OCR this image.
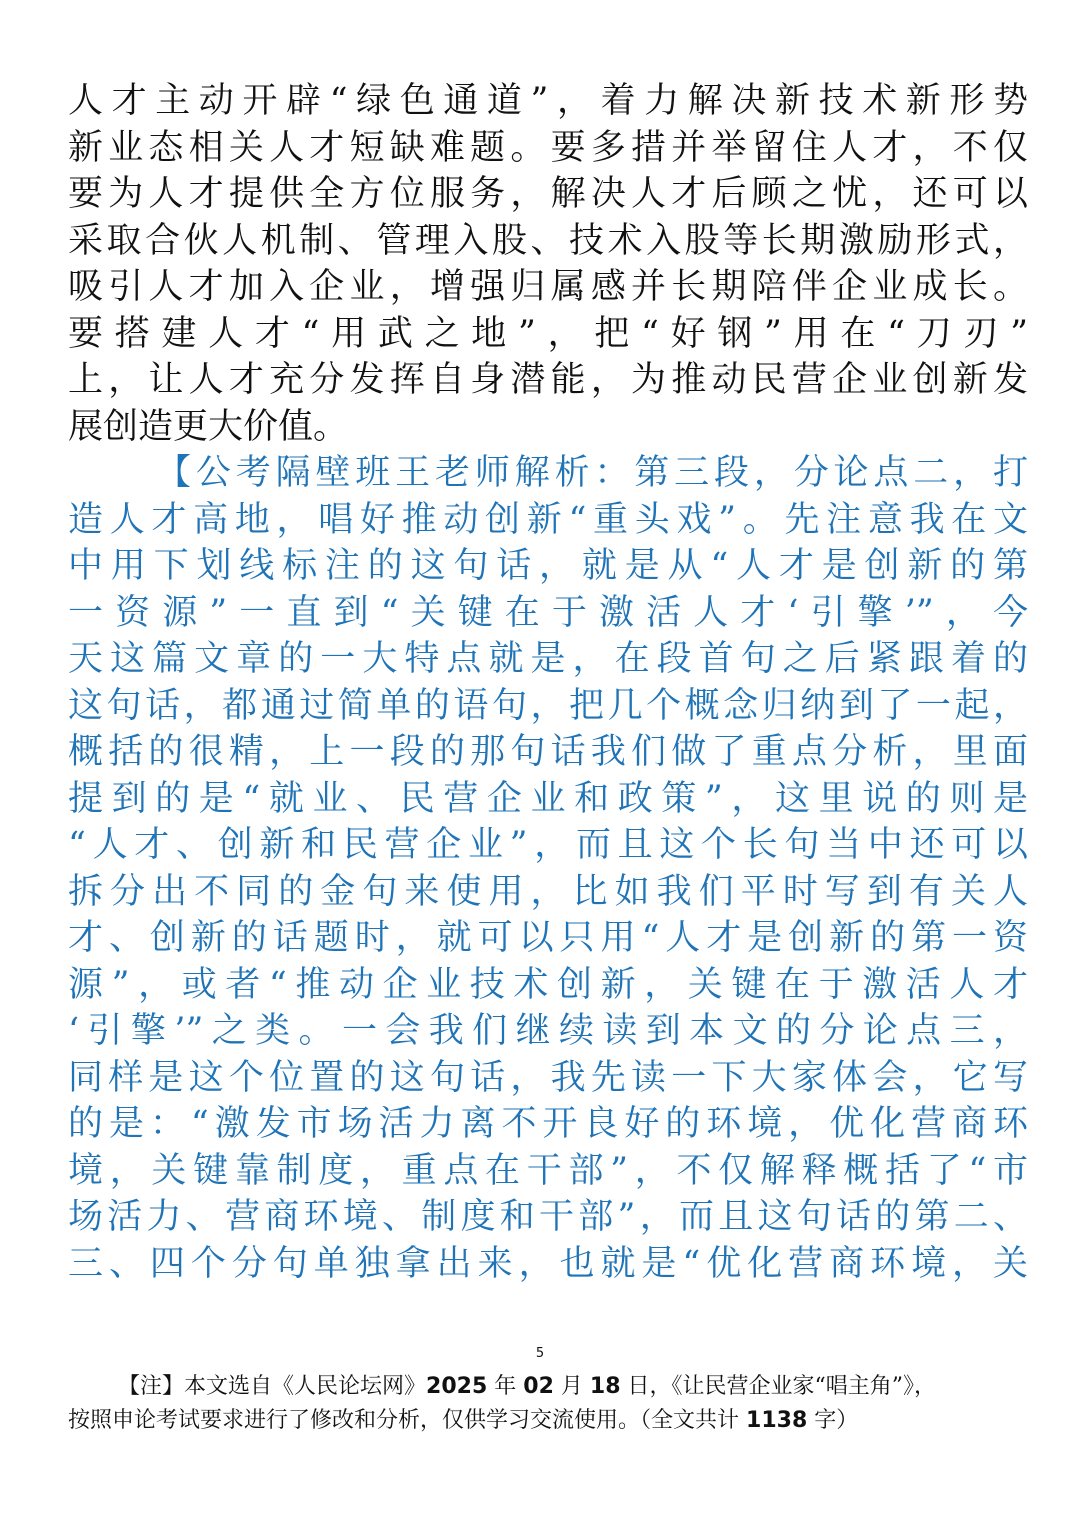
人才主动开辟“绿色通道”，着力解决新技术新形势
新业态相关人才短缺难题。要多措并举留住人才，不仅
要为人才提供全方位服务，解决人才后顾之忧，还可以
采取合伙人机制、管理入股、技术入股等长期激励形式，
吸引人才加入企业，增强归属感并长期陪伴企业成长。
要搭建人才“用武之地”，把“好钢”用在“刀刃”
上，让人才充分发挥自身潜能，为推动民营企业创新发
展创造更大价值。
【公考隔壁班王老师解析：第三段，分论点二，打
造人才高地，唱好推动创新“重头戏”。先注意我在文
中用下划线标注的这句话，就是从“人才是创新的第
一资源”一直到“关键在于激活人才‘引擎’”，今
天这篇文章的一大特点就是，在段首句之后紧跟着的
这句话，都通过简单的语句，把几个概念归纳到了一起，
概括的很精，上一段的那句话我们做了重点分析，里面
提到的是“就业、民营企业和政策”，这里说的则是
“人才、创新和民营企业”，而且这个长句当中还可以
拆分出不同的金句来使用，比如我们平时写到有关人
才、创新的话题时，就可以只用“人才是创新的第一资
源”，或者“推动企业技术创新，关键在于激活人才
‘引擎’”之类。一会我们继续读到本文的分论点三，
同样是这个位置的这句话，我先读一下大家体会，它写
的是：“激发市场活力离不开良好的环境，优化营商环
境，关键靠制度，重点在干部”，不仅解释概括了“市
场活力、营商环境、制度和干部”，而且这句话的第二、
三、四个分句单独拿出来，也就是“优化营商环境，关
5
【注】本文选自《人民论坛网》2025 年 02 月 18 日，《让民营企业家“唱主角”》，
按照申论考试要求进行了修改和分析，仅供学习交流使用。（全文共计 1138 字）
